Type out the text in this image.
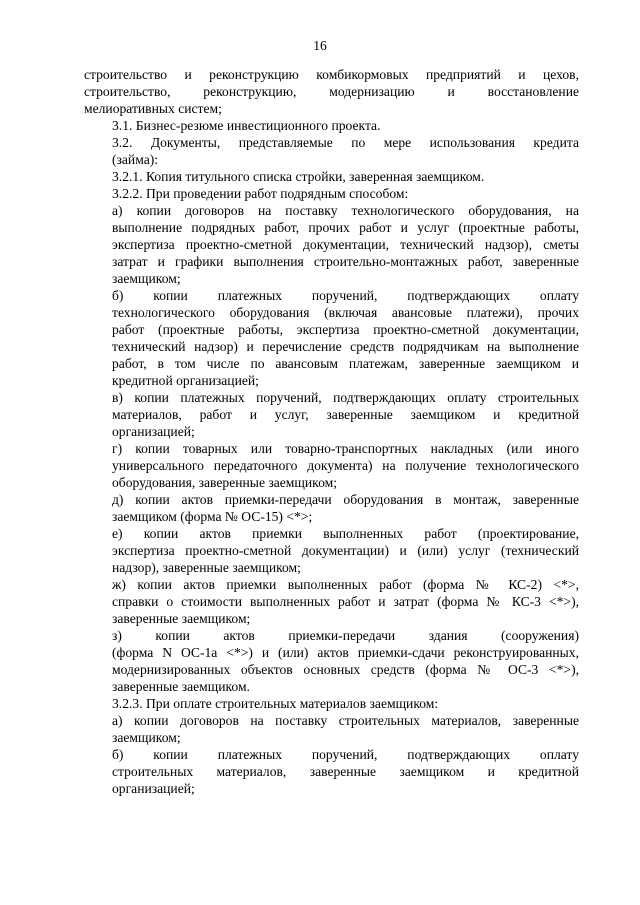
16

строительство и реконструкцию комбикормовых предприятий и цехов,
строительство, реконструкцию, модернизацию и восстановление
мелиоративных систем;

3.1. Бизнес-резюме инвестиционного проекта.

3.2. Документы, представляемые по мере использования кредита
(займа):

3.2.1. Копия титульного списка стройки, заверенная заемщиком.

3.2.2. При проведении работ подрядным способом:

а) копии договоров на поставку технологического оборудования, на
выполнение подрядных работ, прочих работ и услуг (проектные работы,
экспертиза проектно-сметной документации, технический надзор), сметы
затрат и графики выполнения строительно-монтажных работ, заверенные
заемщиком;

б) копии платежных поручений, подтверждающих оплату
технологического оборудования (включая авансовые платежи), прочих
работ (проектные работы, экспертиза проектно-сметной документации,
технический надзор) и перечисление средств подрядчикам на выполнение
работ, в том числе по авансовым платежам, заверенные заемщиком и
кредитной организацией;

в) копии платежных поручений, подтверждающих оплату строительных
материалов, работ и услуг, заверенные заемщиком и кредитной
организацией;

г) копии товарных или товарно-транспортных накладных (или иного
универсального передаточного документа) на получение технологического
оборудования, заверенные заемщиком;

д) копии актов приемки-передачи оборудования в монтаж, заверенные
заемщиком (форма № ОС-15) <*>;

е) копии актов приемки выполненных работ (проектирование,
экспертиза проектно-сметной документации) и (или) услуг (технический
надзор), заверенные заемщиком;

ж) копии актов приемки выполненных работ (форма № КС-2) <*>,
справки о стоимости выполненных работ и затрат (форма № КС-3 <*>),
заверенные заемщиком;

з) копии актов приемки-передачи здания (сооружения)
(форма N ОС-1а <*>) и (или) актов приемки-сдачи реконструированных,
модернизированных объектов основных средств (форма № ОС-3 <*>),
заверенные заемщиком.

3.2.3. При оплате строительных материалов заемщиком:

а) копии договоров на поставку строительных материалов, заверенные
заемщиком;

б) копии платежных поручений, подтверждающих оплату
строительных материалов, заверенные заемщиком и кредитной
организацией;
